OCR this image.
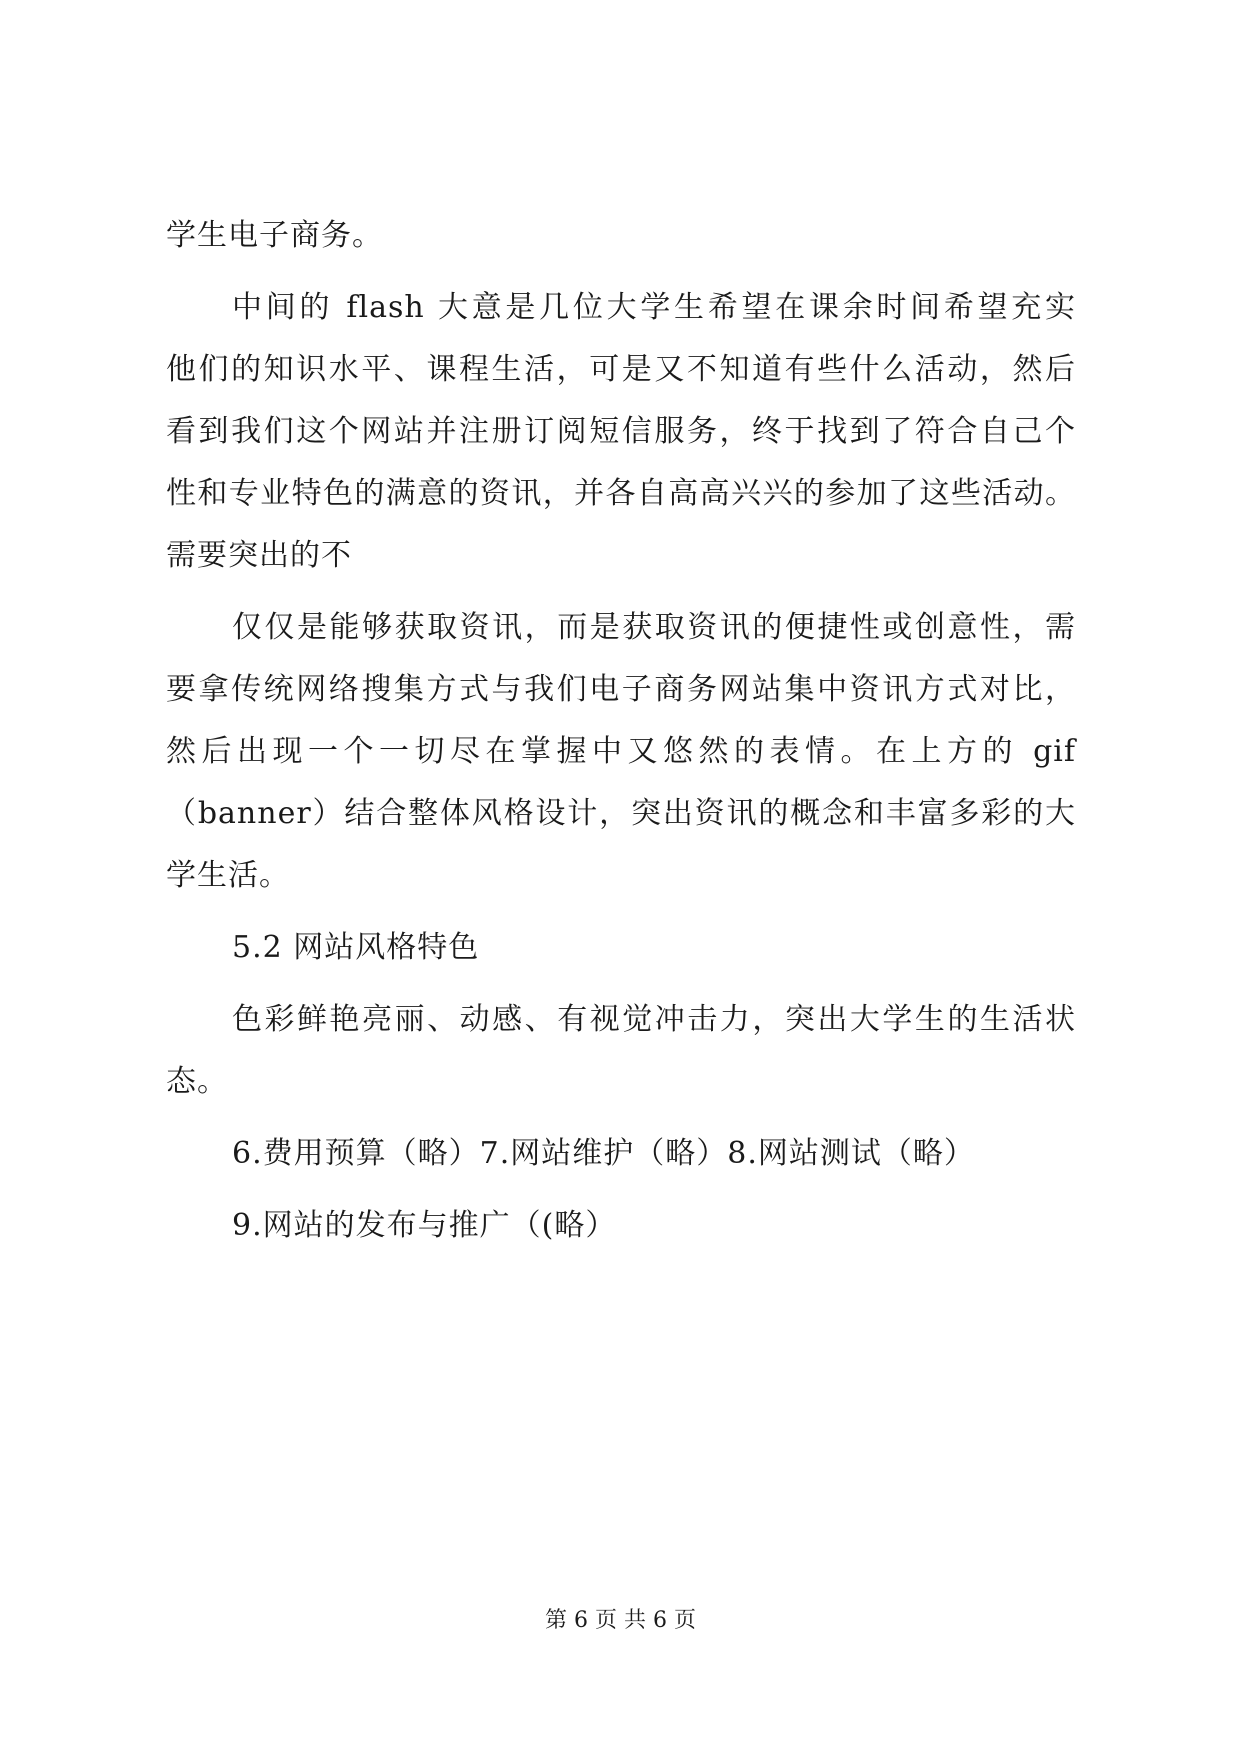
学生电子商务。
中间的 flash 大意是几位大学生希望在课余时间希望充实
他们的知识水平、课程生活，可是又不知道有些什么活动，然后
看到我们这个网站并注册订阅短信服务，终于找到了符合自己个
性和专业特色的满意的资讯，并各自高高兴兴的参加了这些活动。
需要突出的不
仅仅是能够获取资讯，而是获取资讯的便捷性或创意性，需
要拿传统网络搜集方式与我们电子商务网站集中资讯方式对比，
然后出现一个一切尽在掌握中又悠然的表情。在上方的 gif
（banner）结合整体风格设计，突出资讯的概念和丰富多彩的大
学生活。
5.2 网站风格特色
色彩鲜艳亮丽、动感、有视觉冲击力，突出大学生的生活状
态。
6.费用预算（略）7.网站维护（略）8.网站测试（略）
9.网站的发布与推广（(略）
第 6 页 共 6 页
